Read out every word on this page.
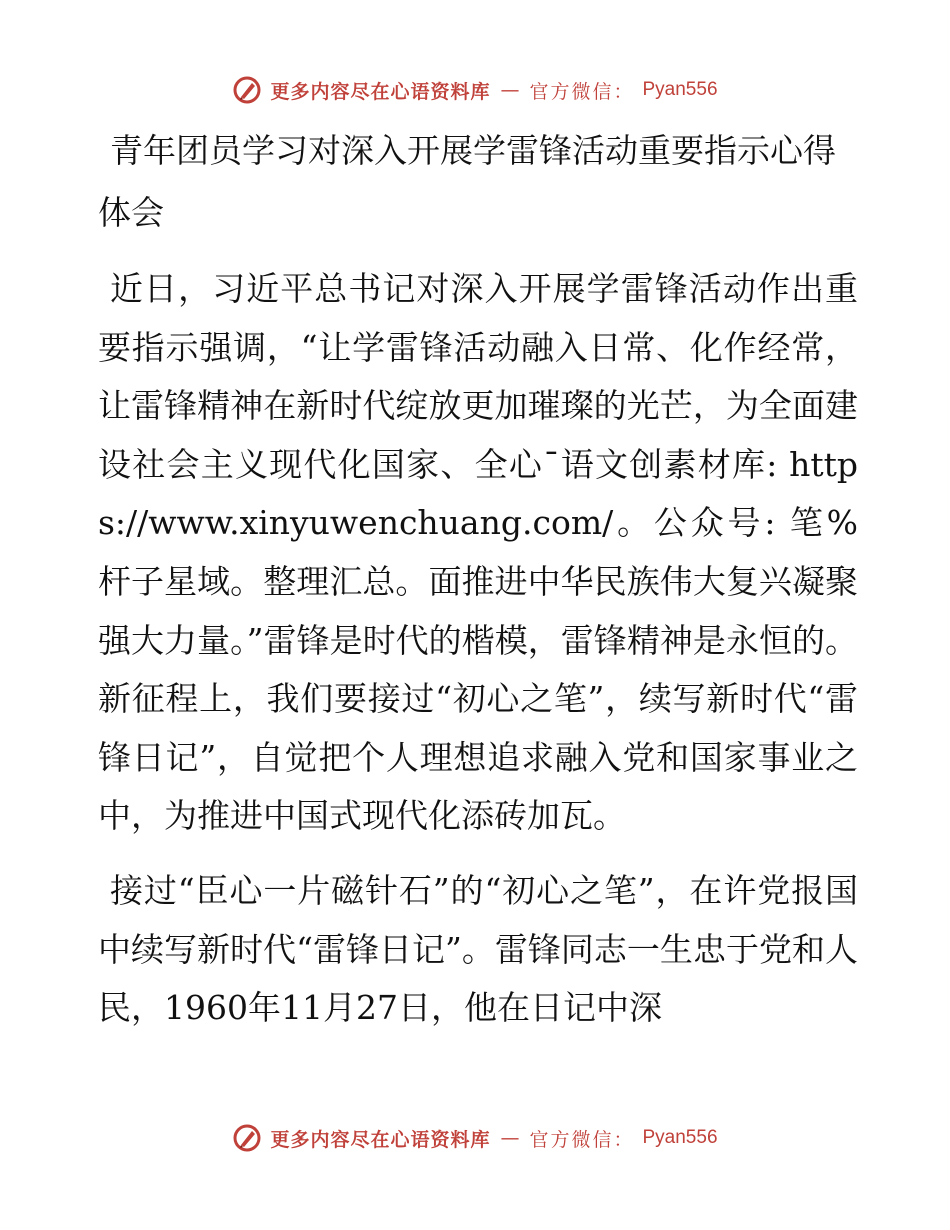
更多内容尽在心语资料库 — 官方微信： Pyan556
青年团员学习对深入开展学雷锋活动重要指示心得体会

近日，习近平总书记对深入开展学雷锋活动作出重要指示强调，“让学雷锋活动融入日常、化作经常，让雷锋精神在新时代绽放更加璀璨的光芒，为全面建设社会主义现代化国家、全心¯语文创素材库: https://www.xinyuwenchuang.com/。公众号: 笔%杆子星域。整理汇总。面推进中华民族伟大复兴凝聚强大力量。”雷锋是时代的楷模，雷锋精神是永恒的。新征程上，我们要接过“初心之笔”，续写新时代“雷锋日记”，自觉把个人理想追求融入党和国家事业之中，为推进中国式现代化添砖加瓦。

接过“臣心一片磁针石”的“初心之笔”，在许党报国中续写新时代“雷锋日记”。雷锋同志一生忠于党和人民，1960年11月27日，他在日记中深

更多内容尽在心语资料库 — 官方微信： Pyan556
